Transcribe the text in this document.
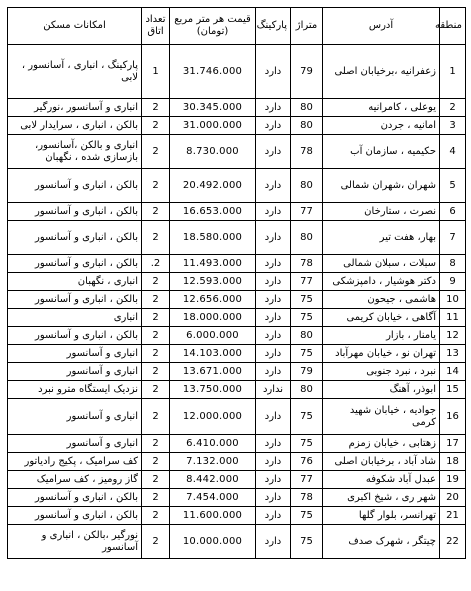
منطقه	آدرس	متراژ	پارکینگ	قیمت هر متر مربع (تومان)	تعداد اتاق	امکانات مسکن
1	زعفرانیه ،برخیابان اصلی	79	دارد	31.746.000	1	پارکینگ ، انباری ، آسانسور ، لابی
2	یوعلی ، کامرانیه	80	دارد	30.345.000	2	انباری و آسانسور ،نورگیر
3	امانیه ، جردن	80	دارد	31.000.000	2	بالکن ، انباری ، سرایدار لابی
4	حکیمیه ، سازمان آب	78	دارد	8.730.000	2	انباری و بالکن ،آسانسور، بازسازی شده ، نگهبان
5	شهران ،شهران شمالی	80	دارد	20.492.000	2	بالکن ، انباری و آسانسور
6	نصرت ، ستارخان	77	دارد	16.653.000	2	بالکن ، انباری و آسانسور
7	بهار، هفت تیر	80	دارد	18.580.000	2	بالکن ، انباری و آسانسور
8	سبلات ، سبلان شمالی	78	دارد	11.493.000	2.	بالکن ، انباری و آسانسور
9	دکتر هوشیار ، دامپزشکی	77	دارد	12.593.000	2	انباری ، نگهبان
10	هاشمی ، جیحون	75	دارد	12.656.000	2	بالکن ، انباری و آسانسور
11	آگاهی ، خیابان کریمی	75	دارد	18.000.000	2	انباری
12	یامنار ، بازار	80	دارد	6.000.000	2	بالکن ، انباری و آسانسور
13	تهران نو ، خیابان مهرآباد	75	دارد	14.103.000	2	انباری و آسانسور
14	نبرد ، نبرد جنوبی	79	دارد	13.671.000	2	انباری و آسانسور
15	ابوذر، آهنگ	80	ندارد	13.750.000	2	نزدیک ایستگاه مترو نبرد
16	جوادیه ، خیابان شهید کرمی	75	دارد	12.000.000	2	انباری و آسانسور
17	زهتابی ، خیابان زمزم	75	دارد	6.410.000	2	انباری و آسانسور
18	شاد آباد ، برخیابان اصلی	76	دارد	7.132.000	2	کف سرامیک ، پکیج رادیاتور
19	عبدل آباد شکوفه	77	دارد	8.442.000	2	گاز رومیز ، کف سرامیک
20	شهر ری ، شیخ اکبری	78	دارد	7.454.000	2	بالکن ، انباری و آسانسور
21	تهرانسر، بلوار گلها	75	دارد	11.600.000	2	بالکن ، انباری و آسانسور
22	چیتگر ، شهرک صدف	75	دارد	10.000.000	2	نورگیر ،بالکن ، انباری و آسانسور
